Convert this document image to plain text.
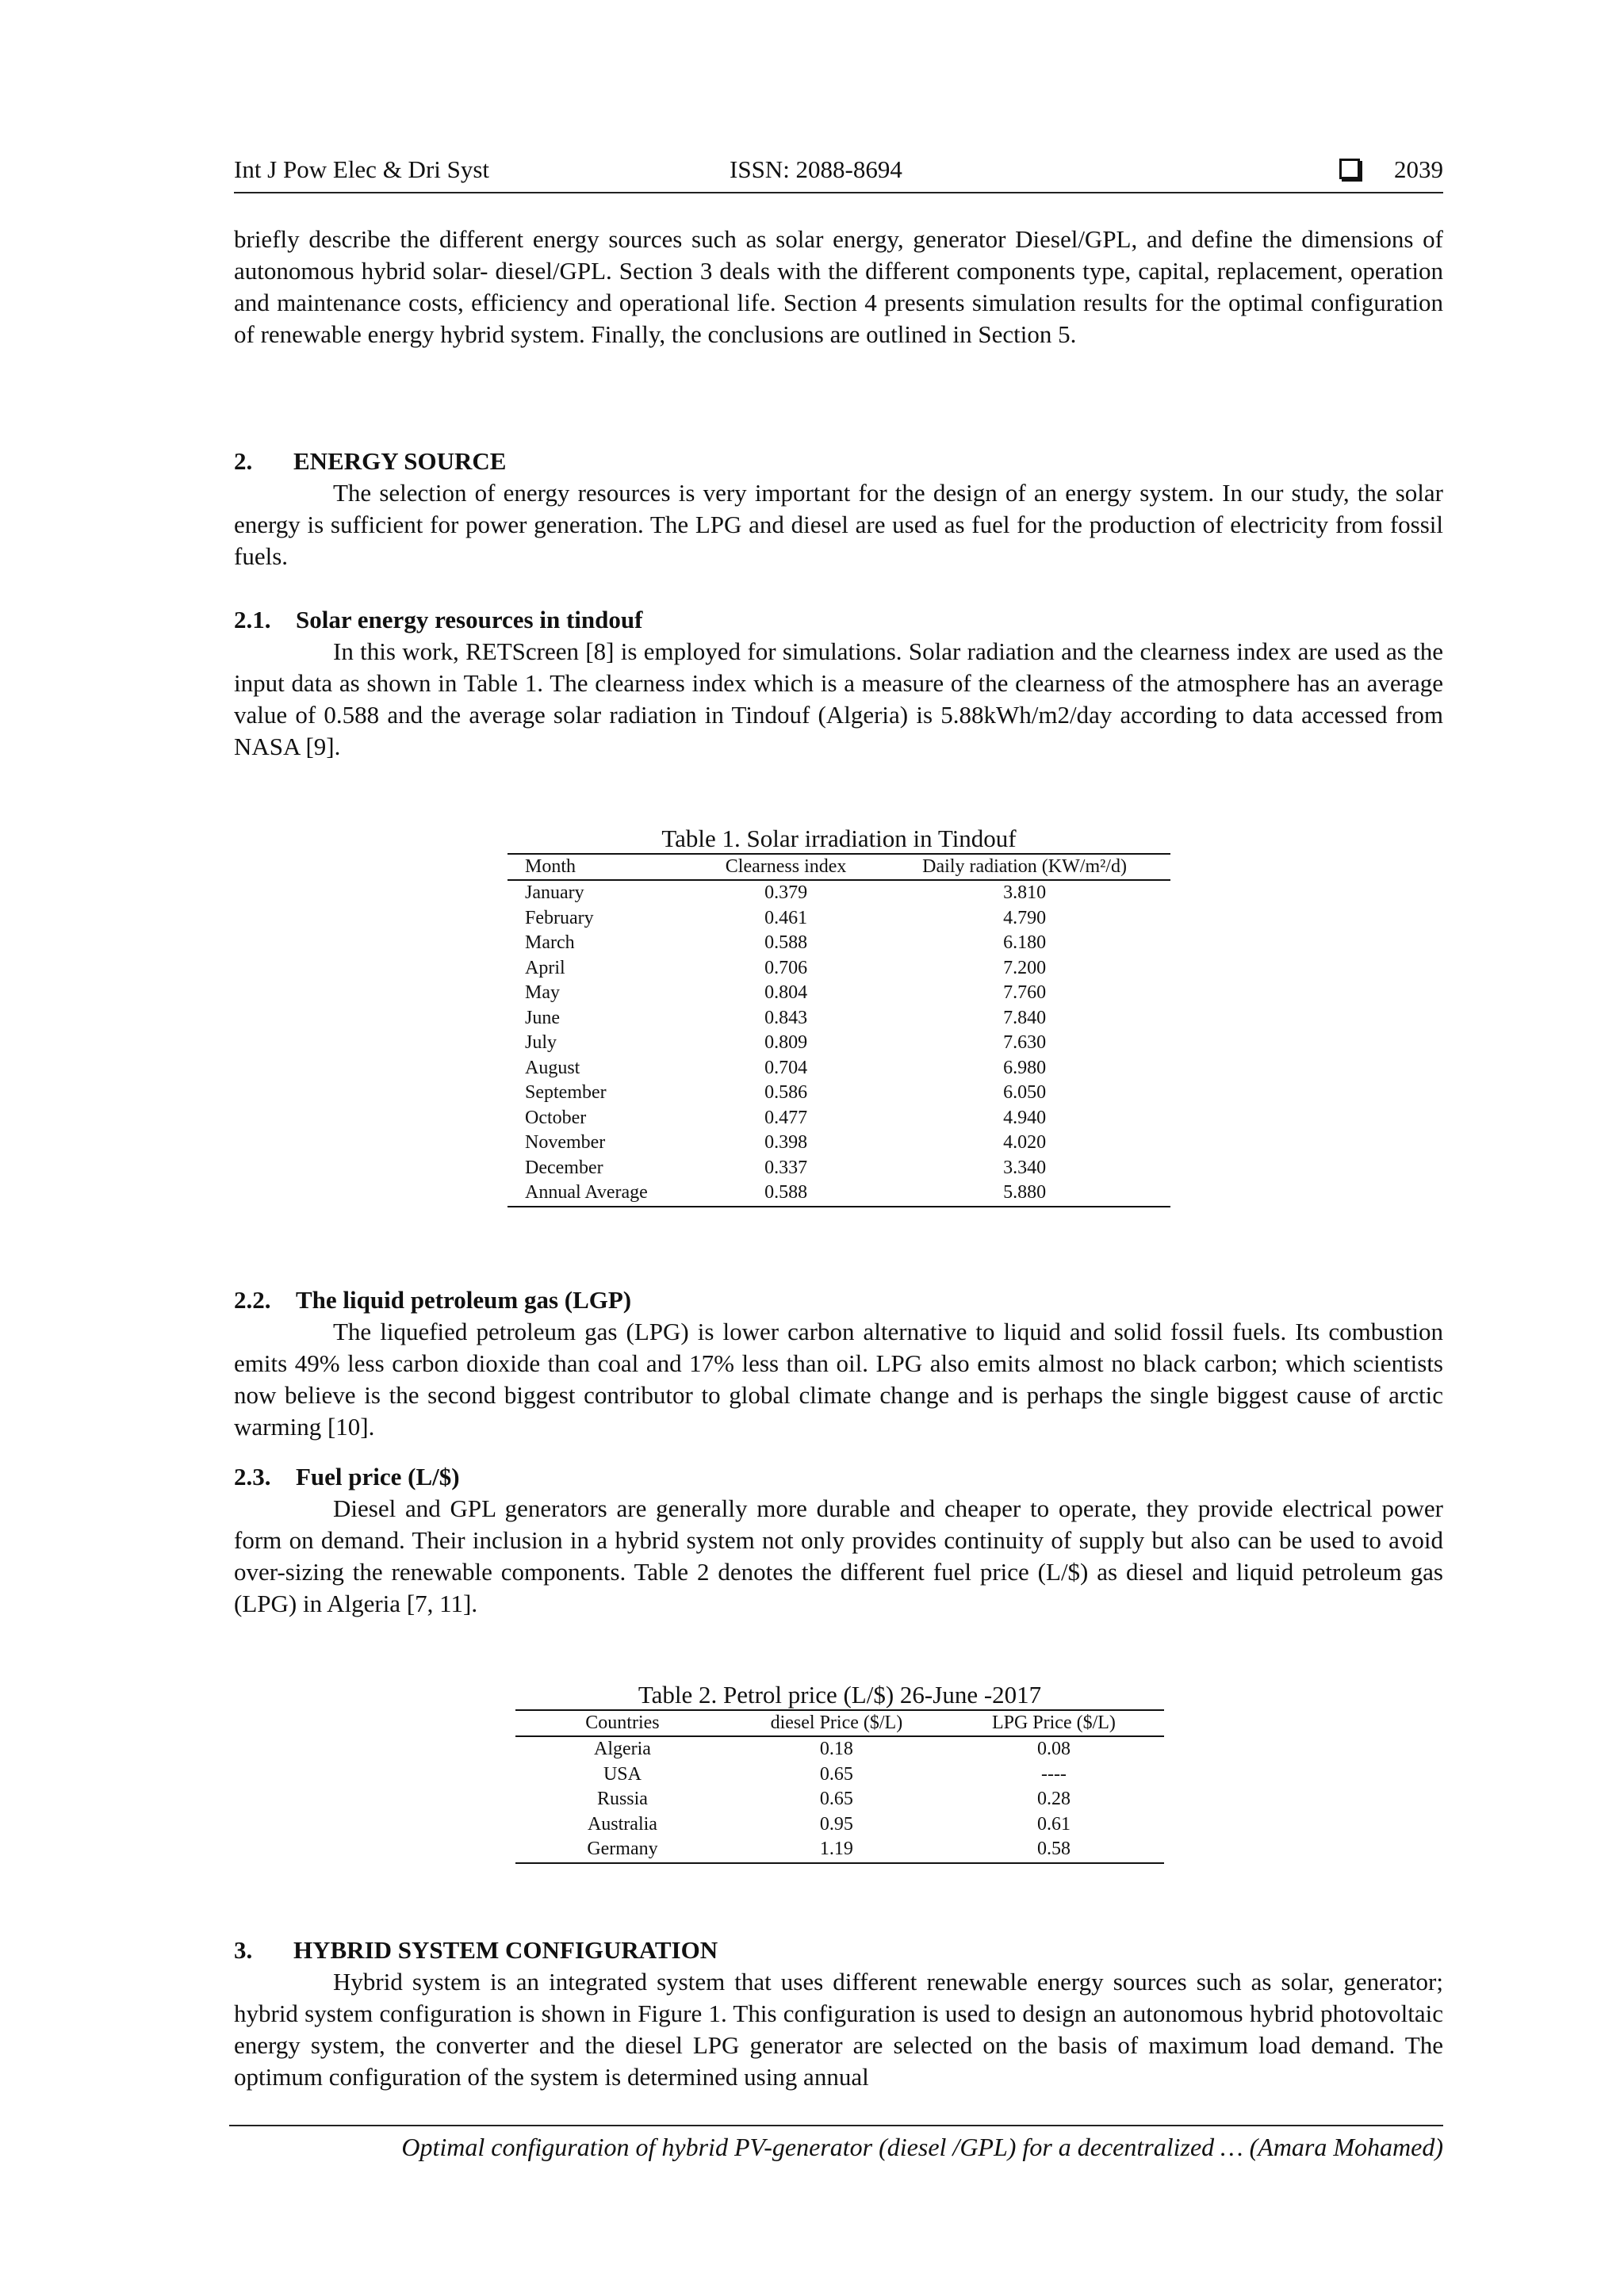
Int J Pow Elec & Dri Syst	ISSN: 2088-8694	2039

briefly describe the different energy sources such as solar energy, generator Diesel/GPL, and define the dimensions of autonomous hybrid solar- diesel/GPL. Section 3 deals with the different components type, capital, replacement, operation and maintenance costs, efficiency and operational life. Section 4 presents simulation results for the optimal configuration of renewable energy hybrid system. Finally, the conclusions are outlined in Section 5.

2. ENERGY SOURCE

The selection of energy resources is very important for the design of an energy system. In our study, the solar energy is sufficient for power generation. The LPG and diesel are used as fuel for the production of electricity from fossil fuels.

2.1. Solar energy resources in tindouf

In this work, RETScreen [8] is employed for simulations. Solar radiation and the clearness index are used as the input data as shown in Table 1. The clearness index which is a measure of the clearness of the atmosphere has an average value of 0.588 and the average solar radiation in Tindouf (Algeria) is 5.88kWh/m2/day according to data accessed from NASA [9].

Table 1. Solar irradiation in Tindouf
Month	Clearness index	Daily radiation (KW/m²/d)
January	0.379	3.810
February	0.461	4.790
March	0.588	6.180
April	0.706	7.200
May	0.804	7.760
June	0.843	7.840
July	0.809	7.630
August	0.704	6.980
September	0.586	6.050
October	0.477	4.940
November	0.398	4.020
December	0.337	3.340
Annual Average	0.588	5.880
2.2. The liquid petroleum gas (LGP)

The liquefied petroleum gas (LPG) is lower carbon alternative to liquid and solid fossil fuels. Its combustion emits 49% less carbon dioxide than coal and 17% less than oil. LPG also emits almost no black carbon; which scientists now believe is the second biggest contributor to global climate change and is perhaps the single biggest cause of arctic warming [10].

2.3. Fuel price (L/$)

Diesel and GPL generators are generally more durable and cheaper to operate, they provide electrical power form on demand. Their inclusion in a hybrid system not only provides continuity of supply but also can be used to avoid over-sizing the renewable components. Table 2 denotes the different fuel price (L/$) as diesel and liquid petroleum gas (LPG) in Algeria [7, 11].

Table 2. Petrol price (L/$) 26-June -2017
Countries	diesel Price ($/L)	LPG Price ($/L)
Algeria	0.18	0.08
USA	0.65	----
Russia	0.65	0.28
Australia	0.95	0.61
Germany	1.19	0.58
3. HYBRID SYSTEM CONFIGURATION

Hybrid system is an integrated system that uses different renewable energy sources such as solar, generator; hybrid system configuration is shown in Figure 1. This configuration is used to design an autonomous hybrid photovoltaic energy system, the converter and the diesel LPG generator are selected on the basis of maximum load demand. The optimum configuration of the system is determined using annual

Optimal configuration of hybrid PV-generator (diesel /GPL) for a decentralized … (Amara Mohamed)
